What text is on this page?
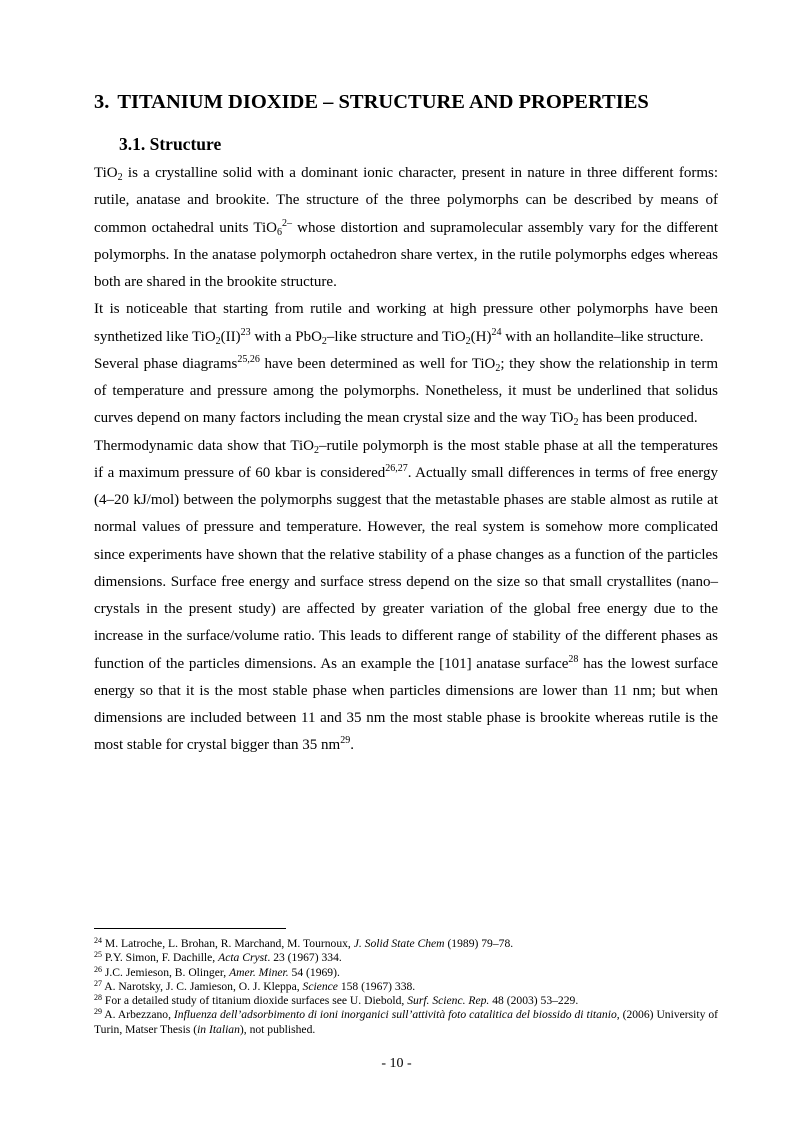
3. TITANIUM DIOXIDE – STRUCTURE AND PROPERTIES
3.1. Structure

TiO$_2$ is a crystalline solid with a dominant ionic character, present in nature in three different forms: rutile, anatase and brookite. The structure of the three polymorphs can be described by means of common octahedral units TiO$_6^{2-}$ whose distortion and supramolecular assembly vary for the different polymorphs. In the anatase polymorph octahedron share vertex, in the rutile polymorphs edges whereas both are shared in the brookite structure.

It is noticeable that starting from rutile and working at high pressure other polymorphs have been synthetized like TiO$_2$(II)$^{23}$ with a PbO$_2$–like structure and $TiO_2(H)^{24}$ with an hollandite–like structure.

Several phase diagrams$^{25,26}$ have been determined as well for TiO$_2$; they show the relationship in term of temperature and pressure among the polymorphs. Nonetheless, it must be underlined that solidus curves depend on many factors including the mean crystal size and the way TiO$_2$ has been produced.

Thermodynamic data show that TiO$_2$–rutile polymorph is the most stable phase at all the temperatures if a maximum pressure of 60 kbar is considered$^{26,27}$. Actually small differences in terms of free energy (4–20 kJ/mol) between the polymorphs suggest that the metastable phases are stable almost as rutile at normal values of pressure and temperature. However, the real system is somehow more complicated since experiments have shown that the relative stability of a phase changes as a function of the particles dimensions. Surface free energy and surface stress depend on the size so that small crystallites (nano–crystals in the present study) are affected by greater variation of the global free energy due to the increase in the surface/volume ratio. This leads to different range of stability of the different phases as function of the particles dimensions. As an example the [101] anatase surface$^{28}$ has the lowest surface energy so that it is the most stable phase when particles dimensions are lower than 11 nm; but when dimensions are included between 11 and 35 nm the most stable phase is brookite whereas rutile is the most stable for crystal bigger than 35 $nm^{29}$.

$^{24}$ M. Latroche, L. Brohan, R. Marchand, M. Tournoux, J. Solid State Chem (1989) 79–78.

$^{25}$ P.Y. Simon, F. Dachille, Acta Cryst. 23 (1967) 334.

$^{26}$ J.C. Jemieson, B. Olinger, Amer. Miner. 54 (1969).

$^{27}$ A. Narotsky, J. C. Jamieson, O. J. Kleppa, Science 158 (1967) 338.

$^{28}$ For a detailed study of titanium dioxide surfaces see U. Diebold, Surf. Scienc. Rep. 48 (2003) 53–229.

$^{29}$ A. Arbezzano, Influenza dell’adsorbimento di ioni inorganici sull’attività foto catalitica del biossido di titanio, (2006) University of Turin, Matser Thesis (in Italian), not published.

- 10 -
